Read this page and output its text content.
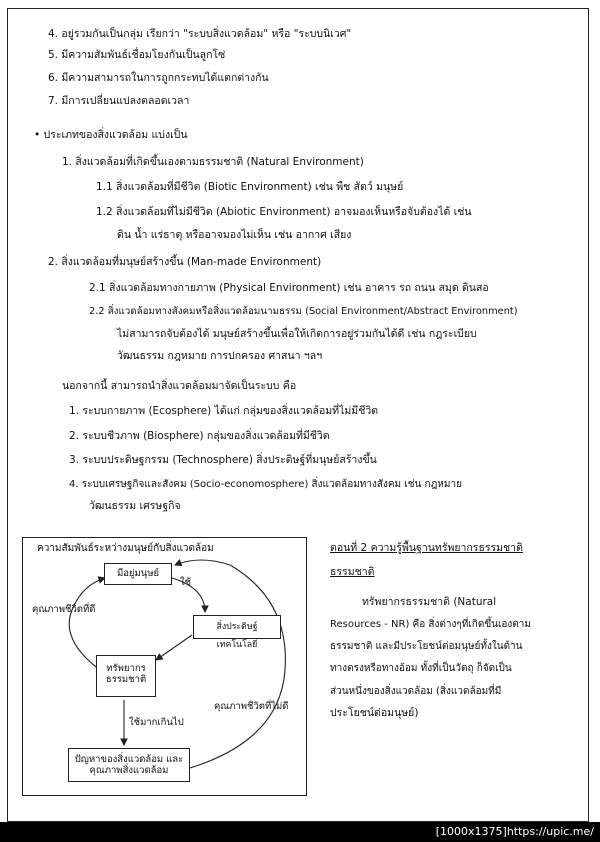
4. อยู่รวมกันเป็นกลุ่ม เรียกว่า "ระบบสิ่งแวดล้อม" หรือ "ระบบนิเวศ"
5. มีความสัมพันธ์เชื่อมโยงกันเป็นลูกโซ่
6. มีความสามารถในการถูกกระทบได้แตกต่างกัน
7. มีการเปลี่ยนแปลงตลอดเวลา
• ประเภทของสิ่งแวดล้อม แบ่งเป็น
1. สิ่งแวดล้อมที่เกิดขึ้นเองตามธรรมชาติ (Natural Environment)
1.1 สิ่งแวดล้อมที่มีชีวิต (Biotic Environment) เช่น พืช สัตว์ มนุษย์
1.2 สิ่งแวดล้อมที่ไม่มีชีวิต (Abiotic Environment) อาจมองเห็นหรือจับต้องได้ เช่น
ดิน น้ำ แร่ธาตุ หรืออาจมองไม่เห็น เช่น อากาศ เสียง
2. สิ่งแวดล้อมที่มนุษย์สร้างขึ้น (Man-made Environment)
2.1 สิ่งแวดล้อมทางกายภาพ (Physical Environment) เช่น อาคาร รถ ถนน สมุด ดินสอ
2.2 สิ่งแวดล้อมทางสังคมหรือสิ่งแวดล้อมนามธรรม (Social Environment/Abstract Environment)
ไม่สามารถจับต้องได้ มนุษย์สร้างขึ้นเพื่อให้เกิดการอยู่ร่วมกันได้ดี เช่น กฎระเบียบ
วัฒนธรรม กฎหมาย การปกครอง ศาสนา ฯลฯ
นอกจากนี้ สามารถนำสิ่งแวดล้อมมาจัดเป็นระบบ คือ
1. ระบบกายภาพ (Ecosphere) ได้แก่ กลุ่มของสิ่งแวดล้อมที่ไม่มีชีวิต
2. ระบบชีวภาพ (Biosphere) กลุ่มของสิ่งแวดล้อมที่มีชีวิต
3. ระบบประดิษฐกรรม (Technosphere) สิ่งประดิษฐ์ที่มนุษย์สร้างขึ้น
4. ระบบเศรษฐกิจและสังคม (Socio-economosphere) สิ่งแวดล้อมทางสังคม เช่น กฎหมาย
วัฒนธรรม เศรษฐกิจ
ความสัมพันธ์ระหว่างมนุษย์กับสิ่งแวดล้อม
มีอยู่มนุษย์
สิ่งประดิษฐ์เทคโนโลยี
ทรัพยากร ธรรมชาติ
ปัญหาของสิ่งแวดล้อม และคุณภาพสิ่งแวดล้อม
ใช้
คุณภาพชีวิตที่ดี
คุณภาพชีวิตที่ไม่ดี
ใช้มากเกินไป
ตอนที่ 2 ความรู้พื้นฐานทรัพยากรธรรมชาติ
ธรรมชาติ
ทรัพยากรธรรมชาติ (Natural
Resources - NR) คือ สิ่งต่างๆที่เกิดขึ้นเองตาม
ธรรมชาติ และมีประโยชน์ต่อมนุษย์ทั้งในด้าน
ทางตรงหรือทางอ้อม ทั้งที่เป็นวัตถุ ก็จัดเป็น
ส่วนหนึ่งของสิ่งแวดล้อม (สิ่งแวดล้อมที่มี
ประโยชน์ต่อมนุษย์)
[1000x1375]https://upic.me/
